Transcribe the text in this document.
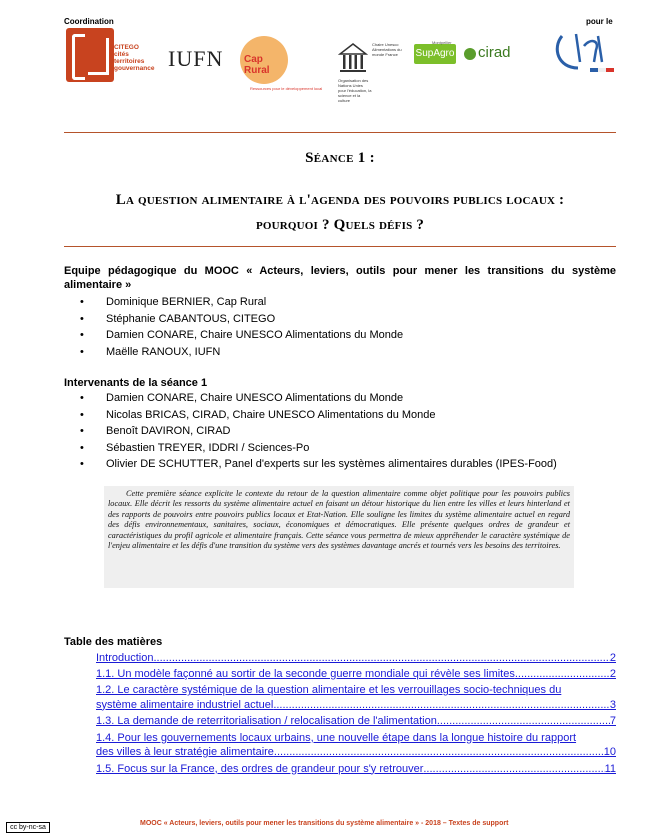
Coordination	pour le
CITEGO
cités
territoires
gouvernance IUFN Cap
Rural
Ressources pour le développement local
Organisation des Nations Unies pour l'éducation, la science et la culture
Chaire Unesco Alimentations du monde France	SupAgro
Montpellier
cirad
Séance 1 :
La question alimentaire à l'agenda des pouvoirs publics locaux :
pourquoi ? Quels défis ?
Equipe pédagogique du MOOC « Acteurs, leviers, outils pour mener les transitions du système alimentaire »
• Dominique BERNIER, Cap Rural
• Stéphanie CABANTOUS, CITEGO
• Damien CONARE, Chaire UNESCO Alimentations du Monde
• Maëlle RANOUX, IUFN
Intervenants de la séance 1
• Damien CONARE, Chaire UNESCO Alimentations du Monde
• Nicolas BRICAS, CIRAD, Chaire UNESCO Alimentations du Monde
• Benoît DAVIRON, CIRAD
• Sébastien TREYER, IDDRI / Sciences-Po
• Olivier DE SCHUTTER, Panel d'experts sur les systèmes alimentaires durables (IPES-Food)
Cette première séance explicite le contexte du retour de la question alimentaire comme objet politique pour les pouvoirs publics locaux. Elle décrit les ressorts du système alimentaire actuel en faisant un détour historique du lien entre les villes et leurs hinterland et des rapports de pouvoirs entre pouvoirs publics locaux et Etat-Nation. Elle souligne les limites du système alimentaire actuel en regard des défis environnementaux, sanitaires, sociaux, économiques et démocratiques. Elle présente quelques ordres de grandeur et caractéristiques du profil agricole et alimentaire français. Cette séance vous permettra de mieux appréhender le caractère systémique de l'enjeu alimentaire et les défis d'une transition du système vers des systèmes davantage ancrés et tournés vers les besoins des territoires.
Table des matières
Introduction .....	2
1.1. Un modèle façonné au sortir de la seconde guerre mondiale qui révèle ses limites .....	2
1.2. Le caractère systémique de la question alimentaire et les verrouillages socio-techniques du
système alimentaire industriel actuel .....	3
1.3. La demande de reterritorialisation / relocalisation de l'alimentation .....	7
1.4. Pour les gouvernements locaux urbains, une nouvelle étape dans la longue histoire du rapport
des villes à leur stratégie alimentaire .....	10
1.5. Focus sur la France, des ordres de grandeur pour s'y retrouver .....	11
cc by-nc-sa
MOOC « Acteurs, leviers, outils pour mener les transitions du système alimentaire » - 2018 – Textes de support
